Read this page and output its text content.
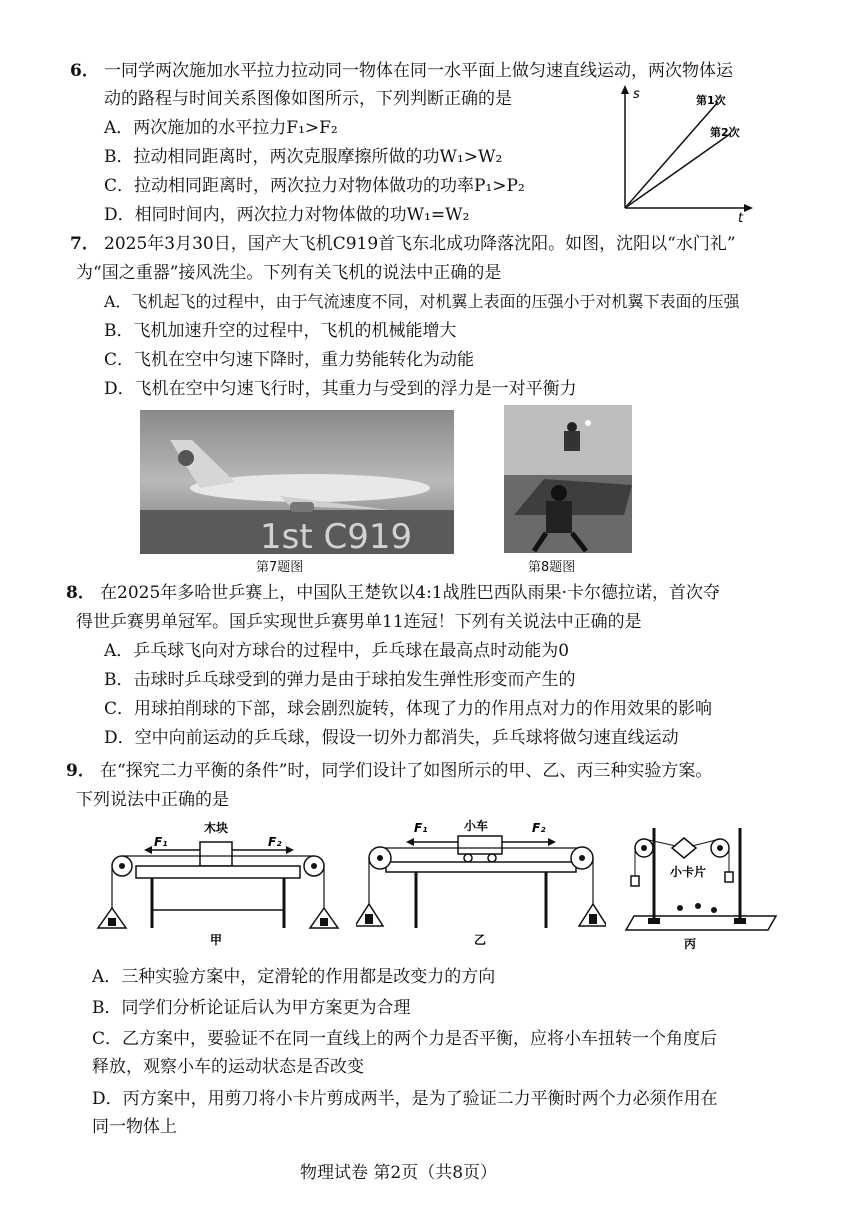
6． 一同学两次施加水平拉力拉动同一物体在同一水平面上做匀速直线运动，两次物体运
动的路程与时间关系图像如图所示，下列判断正确的是
A．两次施加的水平拉力F₁>F₂
B．拉动相同距离时，两次克服摩擦所做的功W₁>W₂
C．拉动相同距离时，两次拉力对物体做功的功率P₁>P₂
D．相同时间内，两次拉力对物体做的功W₁=W₂
s
t
第1次
第2次
7． 2025年3月30日，国产大飞机C919首飞东北成功降落沈阳。如图，沈阳以“水门礼”
为“国之重器”接风洗尘。下列有关飞机的说法中正确的是
A．飞机起飞的过程中，由于气流速度不同，对机翼上表面的压强小于对机翼下表面的压强
B．飞机加速升空的过程中，飞机的机械能增大
C．飞机在空中匀速下降时，重力势能转化为动能
D．飞机在空中匀速飞行时，其重力与受到的浮力是一对平衡力
1st C919
第7题图	第8题图
8． 在2025年多哈世乒赛上，中国队王楚钦以4:1战胜巴西队雨果·卡尔德拉诺，首次夺
得世乒赛男单冠军。国乒实现世乒赛男单11连冠！下列有关说法中正确的是
A．乒乓球飞向对方球台的过程中，乒乓球在最高点时动能为0
B．击球时乒乓球受到的弹力是由于球拍发生弹性形变而产生的
C．用球拍削球的下部，球会剧烈旋转，体现了力的作用点对力的作用效果的影响
D．空中向前运动的乒乓球，假设一切外力都消失，乒乓球将做匀速直线运动
9． 在“探究二力平衡的条件”时，同学们设计了如图所示的甲、乙、丙三种实验方案。
下列说法中正确的是
木块
F₁	F₂
甲
小车
F₁	F₂
乙
小卡片
丙
A．三种实验方案中，定滑轮的作用都是改变力的方向
B．同学们分析论证后认为甲方案更为合理
C．乙方案中，要验证不在同一直线上的两个力是否平衡，应将小车扭转一个角度后
释放，观察小车的运动状态是否改变
D．丙方案中，用剪刀将小卡片剪成两半，是为了验证二力平衡时两个力必须作用在
同一物体上
物理试卷 第2页（共8页）
